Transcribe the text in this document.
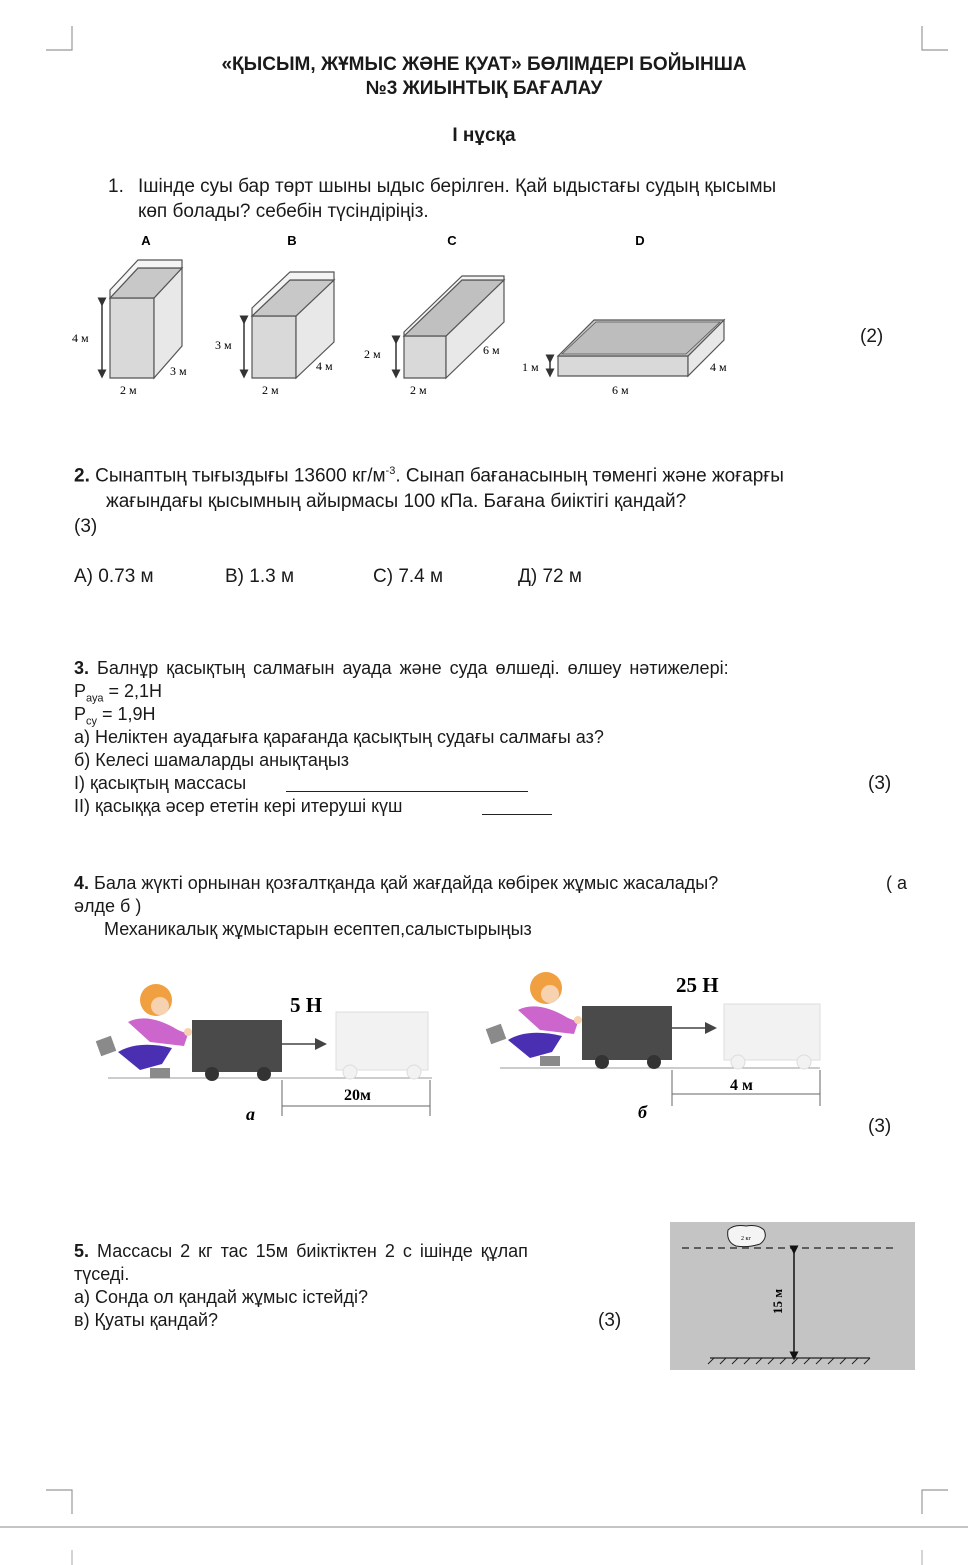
«ҚЫСЫМ, ЖҰМЫС ЖӘНЕ ҚУАТ» БӨЛІМДЕРІ БОЙЫНША
№3 ЖИЫНТЫҚ БАҒАЛАУ
І нұсқа
1. Ішінде суы бар төрт шыны ыдыс берілген. Қай ыдыстағы судың қысымы
көп болады? себебін түсіндіріңіз.
A	B	C	D
4 м
3 м
2 м
3 м
4 м
2 м
2 м	6 м
2 м
1 м	4 м
6 м
(2)
2. Сынаптың тығыздығы 13600 $кг/м^{-3}$. Сынап бағанасының төменгі және жоғарғы
жағындағы қысымның айырмасы 100 кПа. Бағана биіктігі қандай?
(3)
А) 0.73 м	В) 1.3 м	С) 7.4 м	Д) 72 м
3. Балнұр қасықтың салмағын ауада және суда өлшеді. өлшеу нәтижелері:
$P_{ауа} = 2,1Н$
$P_{су} = 1,9Н$
а) Неліктен ауадағыға қарағанда қасықтың судағы салмағы аз?
б) Келесі шамаларды анықтаңыз
I) қасықтың массасы
II) қасыққа әсер ететін кері итеруші күш
(3)
4. Бала жүкті орнынан қозғалтқанда қай жағдайда көбірек жұмыс жасалады?	( а
әлде б )
Механикалық жұмыстарын есептеп,салыстырыңыз
5 Н
20м
а
25 Н
4 м
б
(3)
5. Массасы 2 кг тас 15м биіктіктен 2 с ішінде құлап
түседі.
а) Сонда ол қандай жұмыс істейді?
в) Қуаты қандай?	(3)
2 кг
15 м
